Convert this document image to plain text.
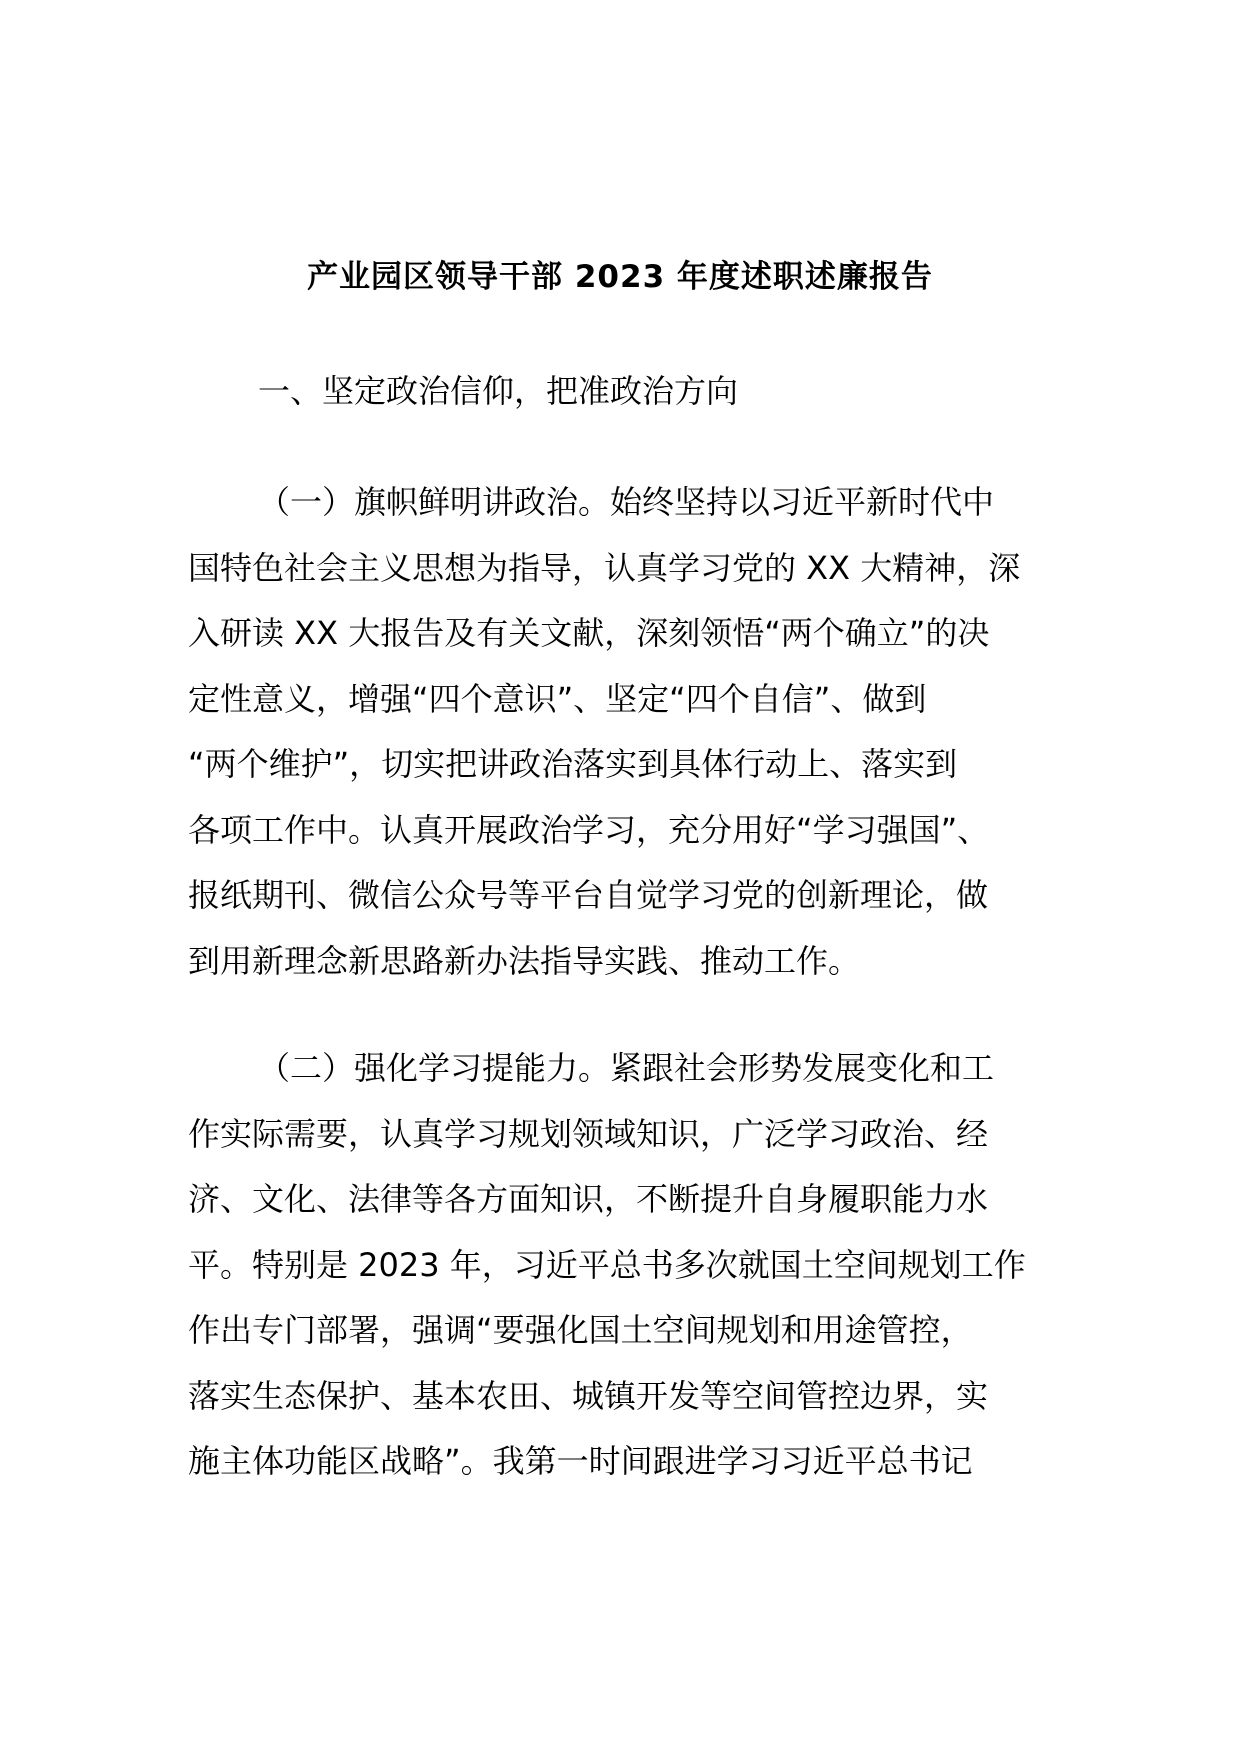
产业园区领导干部 2023 年度述职述廉报告

一、坚定政治信仰，把准政治方向

（一）旗帜鲜明讲政治。始终坚持以习近平新时代中
国特色社会主义思想为指导，认真学习党的 XX 大精神，深
入研读 XX 大报告及有关文献，深刻领悟“两个确立”的决
定性意义，增强“四个意识”、坚定“四个自信”、做到
“两个维护”，切实把讲政治落实到具体行动上、落实到
各项工作中。认真开展政治学习，充分用好“学习强国”、
报纸期刊、微信公众号等平台自觉学习党的创新理论，做
到用新理念新思路新办法指导实践、推动工作。
（二）强化学习提能力。紧跟社会形势发展变化和工
作实际需要，认真学习规划领域知识，广泛学习政治、经
济、文化、法律等各方面知识，不断提升自身履职能力水
平。特别是 2023 年，习近平总书多次就国土空间规划工作
作出专门部署，强调“要强化国土空间规划和用途管控，
落实生态保护、基本农田、城镇开发等空间管控边界，实
施主体功能区战略”。我第一时间跟进学习习近平总书记
